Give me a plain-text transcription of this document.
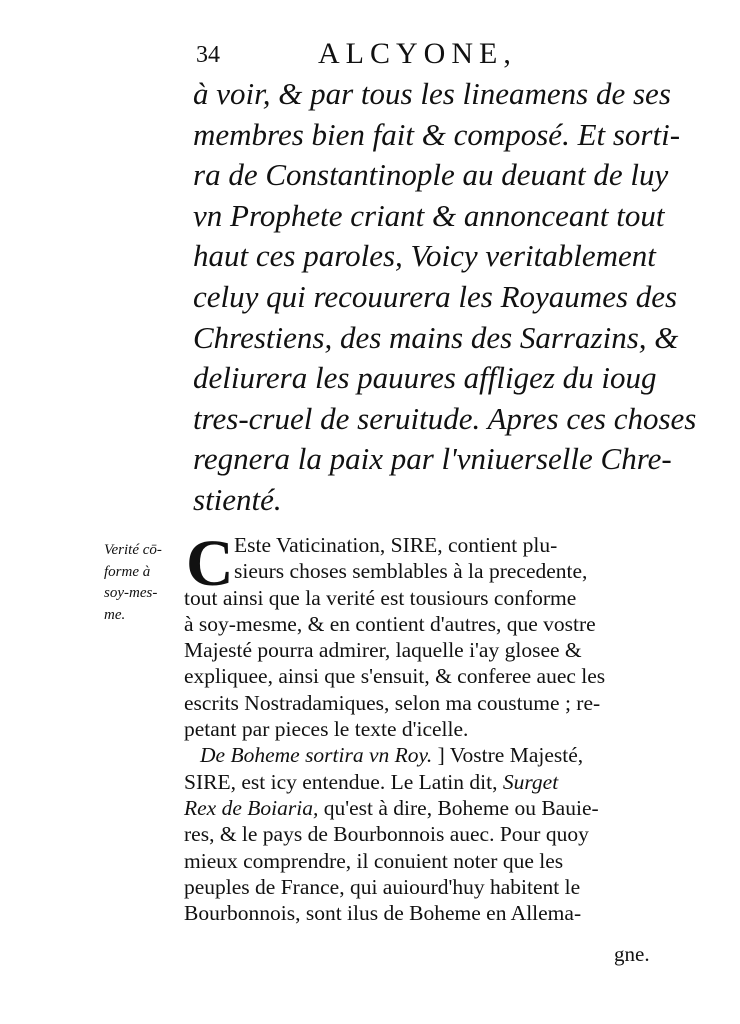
34	ALCYONE,
à voir, & par tous les lineamens de ses
membres bien fait & composé. Et sorti-
ra de Constantinople au deuant de luy
vn Prophete criant & annonceant tout
haut ces paroles, Voicy veritablement
celuy qui recouurera les Royaumes des
Chrestiens, des mains des Sarrazins, &
deliurera les pauures affligez du ioug
tres-cruel de seruitude. Apres ces choses
regnera la paix par l'vniuerselle Chre-
stienté.
Verité cō-
forme à
soy-mes-
me.
C Este Vaticination, SIRE, contient plu-
sieurs choses semblables à la precedente,
tout ainsi que la verité est tousiours conforme
à soy-mesme, & en contient d'autres, que vostre
Majesté pourra admirer, laquelle i'ay glosee &
expliquee, ainsi que s'ensuit, & conferee auec les
escrits Nostradamiques, selon ma coustume ; re-
petant par pieces le texte d'icelle.
De Boheme sortira vn Roy. ] Vostre Majesté,
SIRE, est icy entendue. Le Latin dit, Surget
Rex de Boiaria, qu'est à dire, Boheme ou Bauie-
res, & le pays de Bourbonnois auec. Pour quoy
mieux comprendre, il conuient noter que les
peuples de France, qui auiourd'huy habitent le
Bourbonnois, sont ilus de Boheme en Allema-
gne.
